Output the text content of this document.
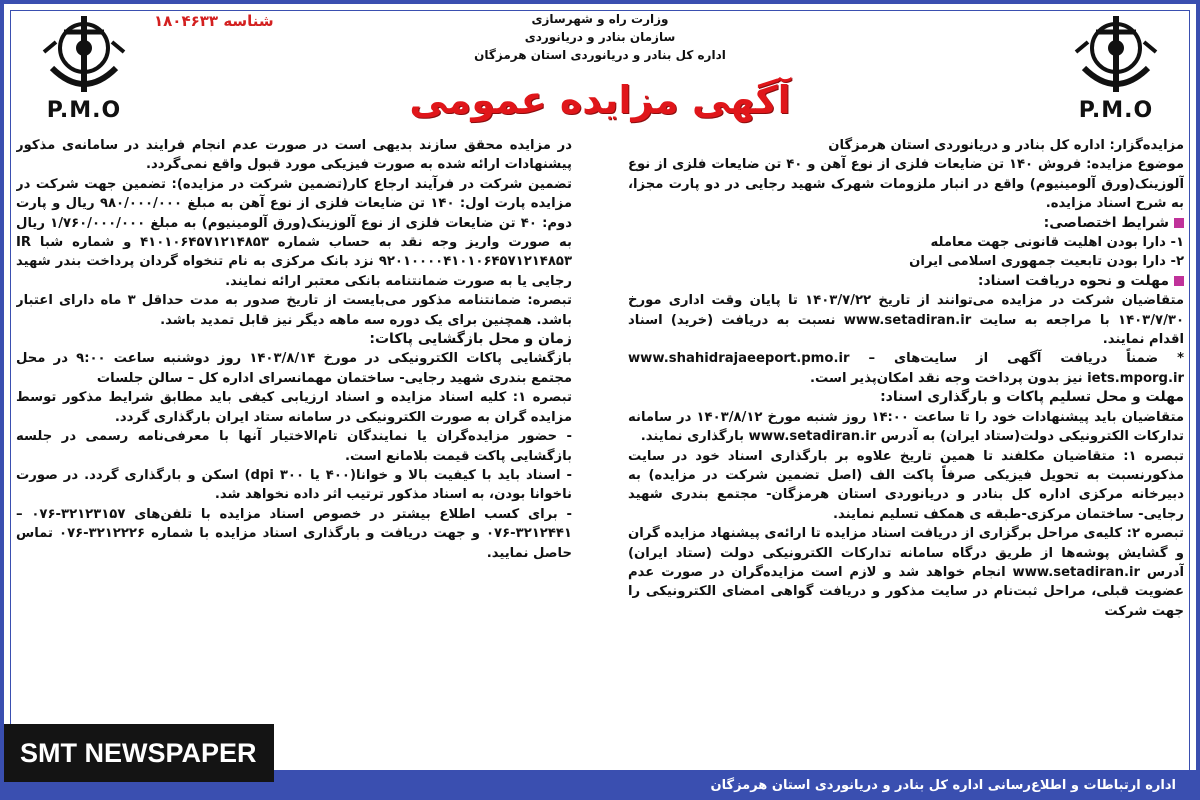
P.M.O	P.M.O
شناسه ۱۸۰۴۶۳۳	وزارت راه و شهرسازی
سازمان بنادر و دریانوردی
اداره کل بنادر و دریانوردی استان هرمزگان
آگهی مزایده عمومی

مزایده‌گزار: اداره کل بنادر و دریانوردی استان هرمزگان

موضوع مزایده: فروش ۱۴۰ تن ضایعات فلزی از نوع آهن و ۴۰ تن ضایعات فلزی از نوع آلوزینک(ورق آلومینیوم) واقع در انبار ملزومات شهرک شهید رجایی در دو پارت مجزا، به شرح اسناد مزایده.

شرایط اختصاصی:

۱- دارا بودن اهلیت قانونی جهت معامله

۲- دارا بودن تابعیت جمهوری اسلامی ایران

مهلت و نحوه دریافت اسناد:

متقاضیان شرکت در مزایده می‌توانند از تاریخ ۱۴۰۳/۷/۲۲ تا پایان وقت اداری مورخ ۱۴۰۳/۷/۳۰ با مراجعه به سایت www.setadiran.ir نسبت به دریافت (خرید) اسناد اقدام نمایند.

* ضمناً دریافت آگهی از سایت‌های www.shahidrajaeeport.pmo.ir – iets.mporg.ir نیز بدون پرداخت وجه نقد امکان‌پذیر است.

مهلت و محل تسلیم پاکات و بارگذاری اسناد:

متقاضیان باید پیشنهادات خود را تا ساعت ۱۴:۰۰ روز شنبه مورخ ۱۴۰۳/۸/۱۲ در سامانه تدارکات الکترونیکی دولت(ستاد ایران) به آدرس www.setadiran.ir بارگذاری نمایند.

تبصره ۱: متقاضیان مکلفند تا همین تاریخ علاوه بر بارگذاری اسناد خود در سایت مذکورنسبت به تحویل فیزیکی صرفاً پاکت الف (اصل تضمین شرکت در مزایده) به دبیرخانه مرکزی اداره کل بنادر و دریانوردی استان هرمزگان- مجتمع بندری شهید رجایی- ساختمان مرکزی-طبقه ی همکف تسلیم نمایند.

تبصره ۲: کلیه‌ی مراحل برگزاری از دریافت اسناد مزایده تا ارائه‌ی پیشنهاد مزایده گران و گشایش پوشه‌ها از طریق درگاه سامانه تدارکات الکترونیکی دولت (ستاد ایران) آدرس www.setadiran.ir انجام خواهد شد و لازم است مزایده‌گران در صورت عدم عضویت قبلی، مراحل ثبت‌نام در سایت مذکور و دریافت گواهی امضای الکترونیکی را جهت شرکت

در مزایده محقق سازند بدیهی است در صورت عدم انجام فرایند در سامانه‌ی مذکور پیشنهادات ارائه شده به صورت فیزیکی مورد قبول واقع نمی‌گردد.

تضمین شرکت در فرآیند ارجاع کار(تضمین شرکت در مزایده): تضمین جهت شرکت در مزایده پارت اول: ۱۴۰ تن ضایعات فلزی از نوع آهن به مبلغ ۹۸۰/۰۰۰/۰۰۰ ریال و پارت دوم: ۴۰ تن ضایعات فلزی از نوع آلوزینک(ورق آلومینیوم) به مبلغ ۱/۷۶۰/۰۰۰/۰۰۰ ریال به صورت واریز وجه نقد به حساب شماره ۴۱۰۱۰۶۴۵۷۱۲۱۴۸۵۳ و شماره شبا IR ۹۲۰۱۰۰۰۰۴۱۰۱۰۶۴۵۷۱۲۱۴۸۵۳ نزد بانک مرکزی به نام تنخواه گردان پرداخت بندر شهید رجایی یا به صورت ضمانتنامه بانکی معتبر ارائه نمایند.

تبصره: ضمانتنامه مذکور می‌بایست از تاریخ صدور به مدت حداقل ۳ ماه دارای اعتبار باشد. همچنین برای یک دوره سه ماهه دیگر نیز قابل تمدید باشد.

زمان و محل بازگشایی پاکات:

بازگشایی پاکات الکترونیکی در مورخ ۱۴۰۳/۸/۱۴ روز دوشنبه ساعت ۹:۰۰ در محل مجتمع بندری شهید رجایی- ساختمان مهمانسرای اداره کل – سالن جلسات

تبصره ۱: کلیه اسناد مزایده و اسناد ارزیابی کیفی باید مطابق شرایط مذکور توسط مزایده گران به صورت الکترونیکی در سامانه ستاد ایران بارگذاری گردد.

- حضور مزایده‌گران یا نمایندگان تام‌الاختیار آنها با معرفی‌نامه رسمی در جلسه بازگشایی پاکت قیمت بلامانع است.

- اسناد باید با کیفیت بالا و خوانا(۴۰۰ یا ۳۰۰ dpi) اسکن و بارگذاری گردد. در صورت ناخوانا بودن، به اسناد مذکور ترتیب اثر داده نخواهد شد.

- برای کسب اطلاع بیشتر در خصوص اسناد مزایده با تلفن‌های ۳۲۱۲۳۱۵۷-۰۷۶ – ۳۲۱۲۴۴۱-۰۷۶ و جهت دریافت و بارگذاری اسناد مزایده با شماره ۳۲۱۲۲۲۶-۰۷۶ تماس حاصل نمایید.

اداره ارتباطات و اطلاع‌رسانی اداره کل بنادر و دریانوردی استان هرمزگان
SMT NEWSPAPER
